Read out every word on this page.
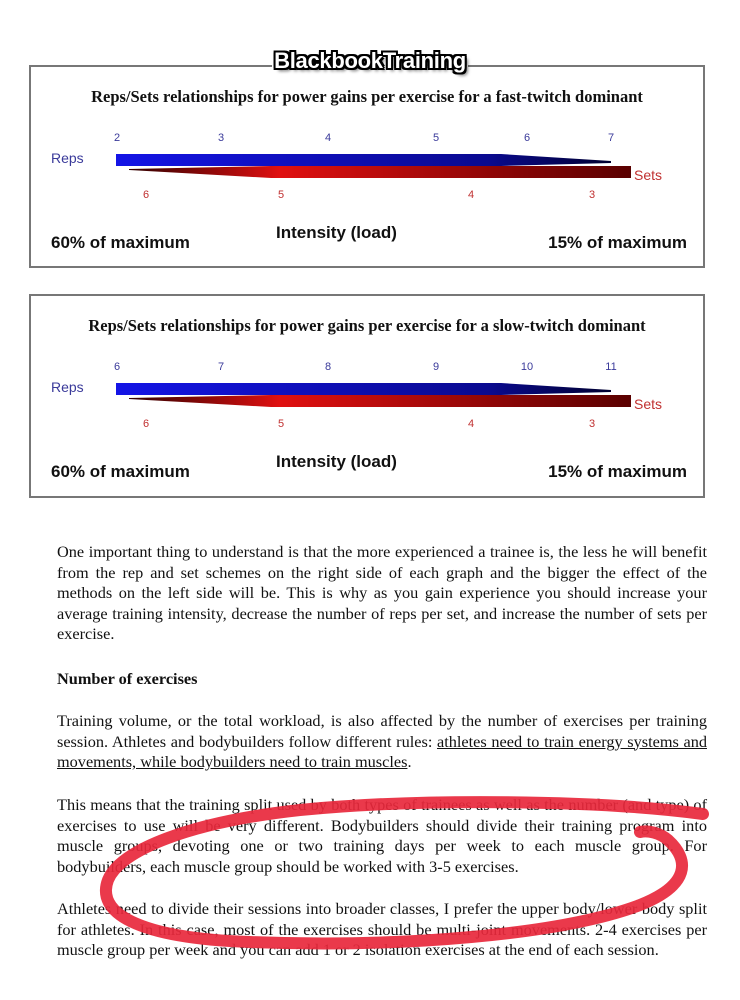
BlackbookTraining
Reps/Sets relationships for power gains per exercise for a fast-twitch dominant
Reps
Sets
2	3	4	5	6	7
6	5	4	3
60% of maximum
Intensity (load)
15% of maximum
Reps/Sets relationships for power gains per exercise for a slow-twitch dominant
Reps
Sets
6	7	8	9	10	11
6	5	4	3
60% of maximum
Intensity (load)
15% of maximum

One important thing to understand is that the more experienced a trainee is, the less he will benefit from the rep and set schemes on the right side of each graph and the bigger the effect of the methods on the left side will be. This is why as you gain experience you should increase your average training intensity, decrease the number of reps per set, and increase the number of sets per exercise.

Number of exercises

Training volume, or the total workload, is also affected by the number of exercises per training session. Athletes and bodybuilders follow different rules: athletes need to train energy systems and movements, while bodybuilders need to train muscles.

This means that the training split used by both types of trainees as well as the number (and type) of exercises to use will be very different. Bodybuilders should divide their training program into muscle groups, devoting one or two training days per week to each muscle group. For bodybuilders, each muscle group should be worked with 3-5 exercises.

Athletes need to divide their sessions into broader classes, I prefer the upper body/lower body split for athletes. In this case, most of the exercises should be multi-joint movements. 2-4 exercises per muscle group per week and you can add 1 or 2 isolation exercises at the end of each session.
